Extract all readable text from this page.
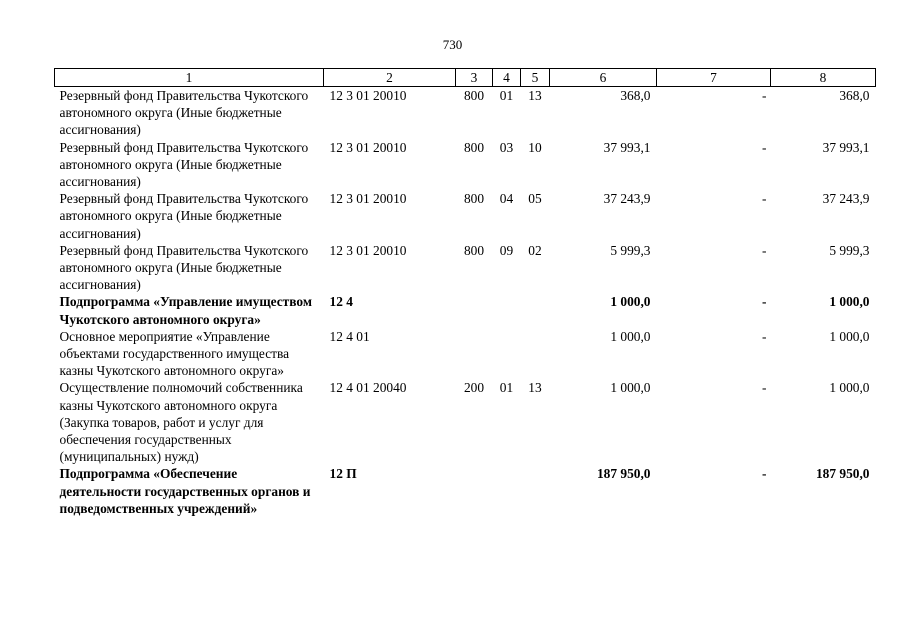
730
1	2	3	4	5	6	7	8
Резервный фонд Правительства Чукотского автономного округа (Иные бюджетные ассигнования)	12 3 01 20010	800	01	13	368,0	-	368,0
Резервный фонд Правительства Чукотского автономного округа (Иные бюджетные ассигнования)	12 3 01 20010	800	03	10	37 993,1	-	37 993,1
Резервный фонд Правительства Чукотского автономного округа (Иные бюджетные ассигнования)	12 3 01 20010	800	04	05	37 243,9	-	37 243,9
Резервный фонд Правительства Чукотского автономного округа (Иные бюджетные ассигнования)	12 3 01 20010	800	09	02	5 999,3	-	5 999,3
Подпрограмма «Управление имуществом Чукотского автономного округа»	12 4				1 000,0	-	1 000,0
Основное мероприятие «Управление объектами государственного имущества казны Чукотского автономного округа»	12 4 01				1 000,0	-	1 000,0
Осуществление полномочий собственника казны Чукотского автономного округа (Закупка товаров, работ и услуг для обеспечения государственных (муниципальных) нужд)	12 4 01 20040	200	01	13	1 000,0	-	1 000,0
Подпрограмма «Обеспечение деятельности государственных органов и подведомственных учреждений»	12 П				187 950,0	-	187 950,0
